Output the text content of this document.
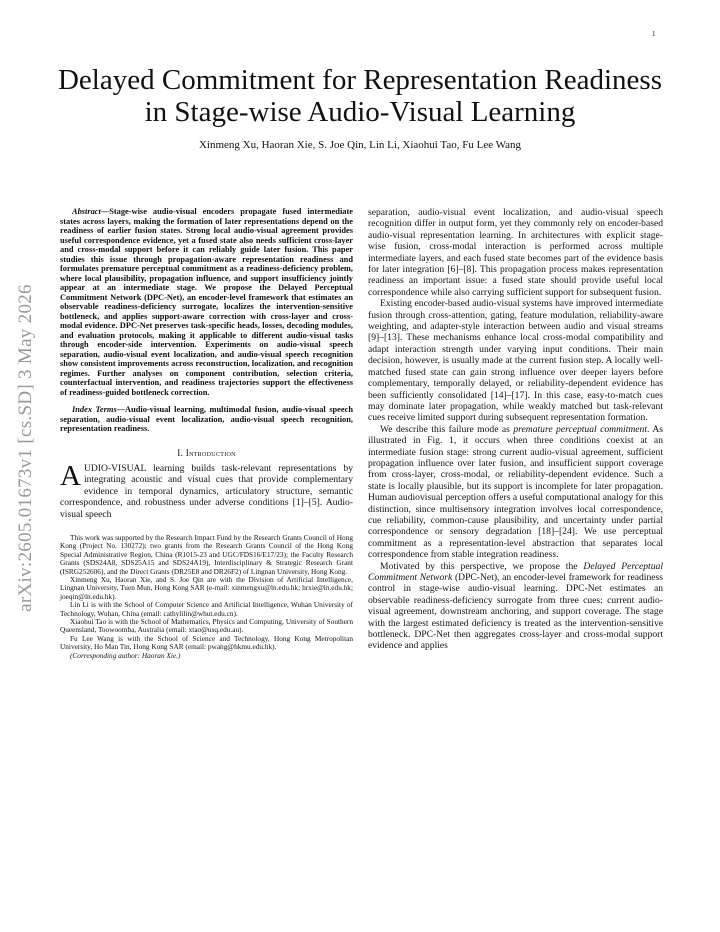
1
Delayed Commitment for Representation Readiness
in Stage-wise Audio-Visual Learning
Xinmeng Xu, Haoran Xie, S. Joe Qin, Lin Li, Xiaohui Tao, Fu Lee Wang
arXiv:2605.01673v1 [cs.SD] 3 May 2026

Abstract—Stage-wise audio-visual encoders propagate fused intermediate states across layers, making the formation of later representations depend on the readiness of earlier fusion states. Strong local audio-visual agreement provides useful correspondence evidence, yet a fused state also needs sufficient cross-layer and cross-modal support before it can reliably guide later fusion. This paper studies this issue through propagation-aware representation readiness and formulates premature perceptual commitment as a readiness-deficiency problem, where local plausibility, propagation influence, and support insufficiency jointly appear at an intermediate stage. We propose the Delayed Perceptual Commitment Network (DPC-Net), an encoder-level framework that estimates an observable readiness-deficiency surrogate, localizes the intervention-sensitive bottleneck, and applies support-aware correction with cross-layer and cross-modal evidence. DPC-Net preserves task-specific heads, losses, decoding modules, and evaluation protocols, making it applicable to different audio-visual tasks through encoder-side intervention. Experiments on audio-visual speech separation, audio-visual event localization, and audio-visual speech recognition show consistent improvements across reconstruction, localization, and recognition regimes. Further analyses on component contribution, selection criteria, counterfactual intervention, and readiness trajectories support the effectiveness of readiness-guided bottleneck correction.

Index Terms—Audio-visual learning, multimodal fusion, audio-visual speech separation, audio-visual event localization, audio-visual speech recognition, representation readiness.

I. Introduction

AUDIO-VISUAL learning builds task-relevant representations by integrating acoustic and visual cues that provide complementary evidence in temporal dynamics, articulatory structure, semantic correspondence, and robustness under adverse conditions [1]–[5]. Audio-visual speech

This work was supported by the Research Impact Fund by the Research Grants Council of Hong Kong (Project No. 130272); two grants from the Research Grants Council of the Hong Kong Special Administrative Region, China (R1015-23 and UGC/FDS16/E17/23); the Faculty Research Grants (SDS24A8, SDS25A15 and SDS24A19), Interdisciplinary & Strategic Research Grant (ISRG252606), and the Direct Grants (DR25E8 and DR26F2) of Lingnan University, Hong Kong.

Xinmeng Xu, Haoran Xie, and S. Joe Qin are with the Division of Artificial Intelligence, Lingnan University, Tuen Mun, Hong Kong SAR (e-mail: xinmengxu@ln.edu.hk; hrxie@ln.edu.hk; joeqin@ln.edu.hk).

Lin Li is with the School of Computer Science and Artificial Intelligence, Wuhan University of Technology, Wuhan, China (email: cathylilin@whut.edu.cn).

Xiaohui Tao is with the School of Mathematics, Physics and Computing, University of Southern Queensland, Toowoomba, Australia (email: xtao@usq.edu.au).

Fu Lee Wang is with the School of Science and Technology, Hong Kong Metropolitan University, Ho Man Tin, Hong Kong SAR (email: pwang@hkmu.edu.hk).

(Corresponding author: Haoran Xie.)

separation, audio-visual event localization, and audio-visual speech recognition differ in output form, yet they commonly rely on encoder-based audio-visual representation learning. In architectures with explicit stage-wise fusion, cross-modal interaction is performed across multiple intermediate layers, and each fused state becomes part of the evidence basis for later integration [6]–[8]. This propagation process makes representation readiness an important issue: a fused state should provide useful local correspondence while also carrying sufficient support for subsequent fusion.

Existing encoder-based audio-visual systems have improved intermediate fusion through cross-attention, gating, feature modulation, reliability-aware weighting, and adapter-style interaction between audio and visual streams [9]–[13]. These mechanisms enhance local cross-modal compatibility and adapt interaction strength under varying input conditions. Their main decision, however, is usually made at the current fusion step. A locally well-matched fused state can gain strong influence over deeper layers before complementary, temporally delayed, or reliability-dependent evidence has been sufficiently consolidated [14]–[17]. In this case, easy-to-match cues may dominate later propagation, while weakly matched but task-relevant cues receive limited support during subsequent representation formation.

We describe this failure mode as premature perceptual commitment. As illustrated in Fig. 1, it occurs when three conditions coexist at an intermediate fusion stage: strong current audio-visual agreement, sufficient propagation influence over later fusion, and insufficient support coverage from cross-layer, cross-modal, or reliability-dependent evidence. Such a state is locally plausible, but its support is incomplete for later propagation. Human audiovisual perception offers a useful computational analogy for this distinction, since multisensory integration involves local correspondence, cue reliability, common-cause plausibility, and uncertainty under partial correspondence or sensory degradation [18]–[24]. We use perceptual commitment as a representation-level abstraction that separates local correspondence from stable integration readiness.

Motivated by this perspective, we propose the Delayed Perceptual Commitment Network (DPC-Net), an encoder-level framework for readiness control in stage-wise audio-visual learning. DPC-Net estimates an observable readiness-deficiency surrogate from three cues: current audio-visual agreement, downstream anchoring, and support coverage. The stage with the largest estimated deficiency is treated as the intervention-sensitive bottleneck. DPC-Net then aggregates cross-layer and cross-modal support evidence and applies
